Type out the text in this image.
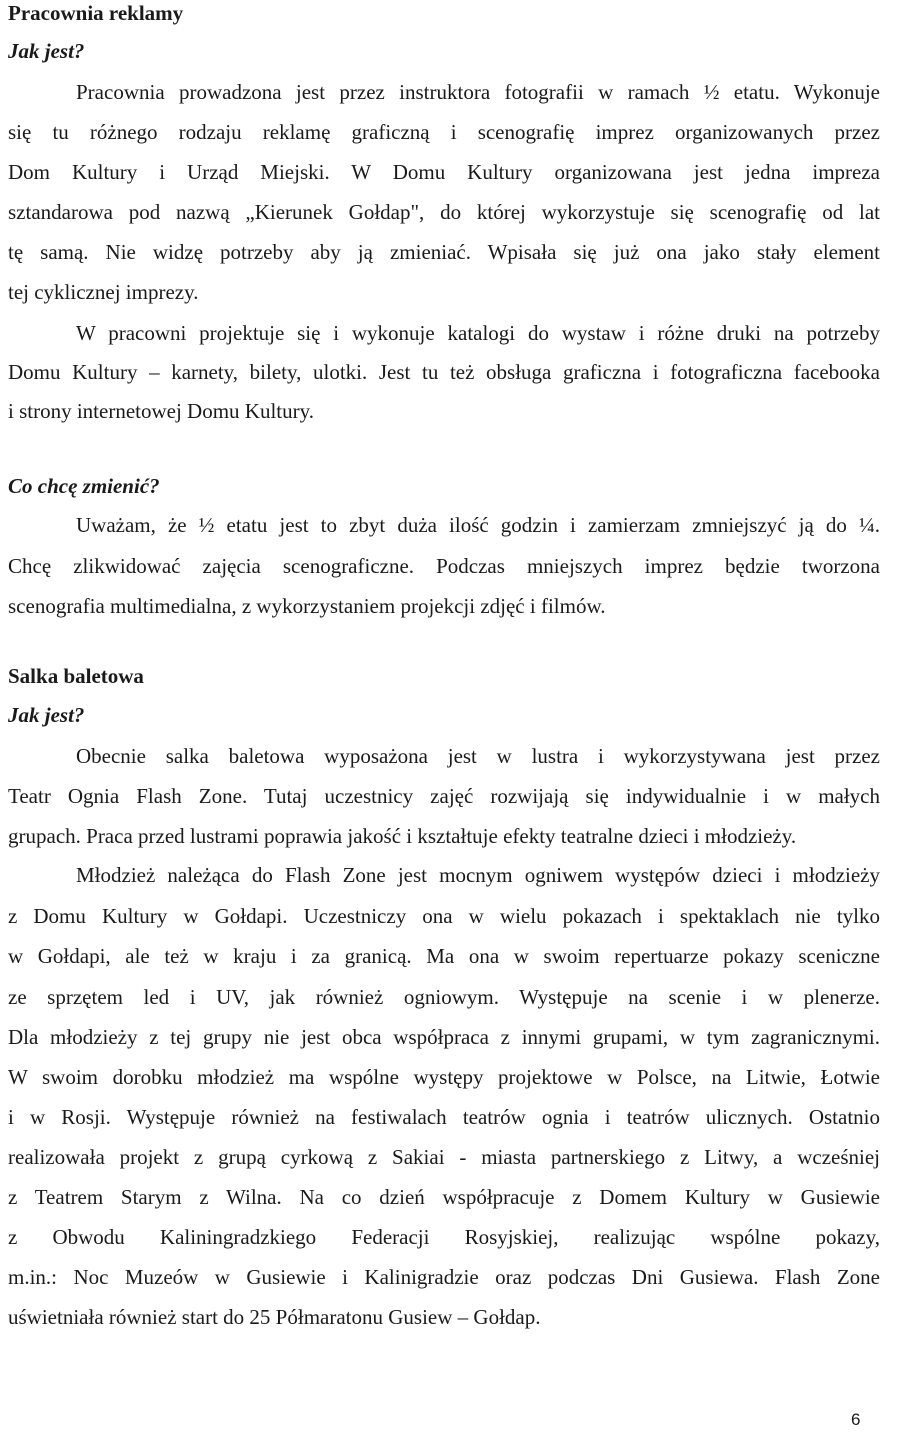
Pracownia reklamy
Jak jest?
Pracownia prowadzona jest przez instruktora fotografii w ramach ½ etatu. Wykonuje
się tu różnego rodzaju reklamę graficzną i scenografię imprez organizowanych przez
Dom Kultury i Urząd Miejski. W Domu Kultury organizowana jest jedna impreza
sztandarowa pod nazwą „Kierunek Gołdap", do której wykorzystuje się scenografię od lat
tę samą. Nie widzę potrzeby aby ją zmieniać. Wpisała się już ona jako stały element
tej cyklicznej imprezy.
W pracowni projektuje się i wykonuje katalogi do wystaw i różne druki na potrzeby
Domu Kultury – karnety, bilety, ulotki. Jest tu też obsługa graficzna i fotograficzna facebooka
i strony internetowej Domu Kultury.
Co chcę zmienić?
Uważam, że ½ etatu jest to zbyt duża ilość godzin i zamierzam zmniejszyć ją do ¼.
Chcę zlikwidować zajęcia scenograficzne. Podczas mniejszych imprez będzie tworzona
scenografia multimedialna, z wykorzystaniem projekcji zdjęć i filmów.
Salka baletowa
Jak jest?
Obecnie salka baletowa wyposażona jest w lustra i wykorzystywana jest przez
Teatr Ognia Flash Zone. Tutaj uczestnicy zajęć rozwijają się indywidualnie i w małych
grupach. Praca przed lustrami poprawia jakość i kształtuje efekty teatralne dzieci i młodzieży.
Młodzież należąca do Flash Zone jest mocnym ogniwem występów dzieci i młodzieży
z Domu Kultury w Gołdapi. Uczestniczy ona w wielu pokazach i spektaklach nie tylko
w Gołdapi, ale też w kraju i za granicą. Ma ona w swoim repertuarze pokazy sceniczne
ze sprzętem led i UV, jak również ogniowym. Występuje na scenie i w plenerze.
Dla młodzieży z tej grupy nie jest obca współpraca z innymi grupami, w tym zagranicznymi.
W swoim dorobku młodzież ma wspólne występy projektowe w Polsce, na Litwie, Łotwie
i w Rosji. Występuje również na festiwalach teatrów ognia i teatrów ulicznych. Ostatnio
realizowała projekt z grupą cyrkową z Sakiai - miasta partnerskiego z Litwy, a wcześniej
z Teatrem Starym z Wilna. Na co dzień współpracuje z Domem Kultury w Gusiewie
z Obwodu Kaliningradzkiego Federacji Rosyjskiej, realizując wspólne pokazy,
m.in.: Noc Muzeów w Gusiewie i Kalinigradzie oraz podczas Dni Gusiewa. Flash Zone
uświetniała również start do 25 Półmaratonu Gusiew – Gołdap.
6
